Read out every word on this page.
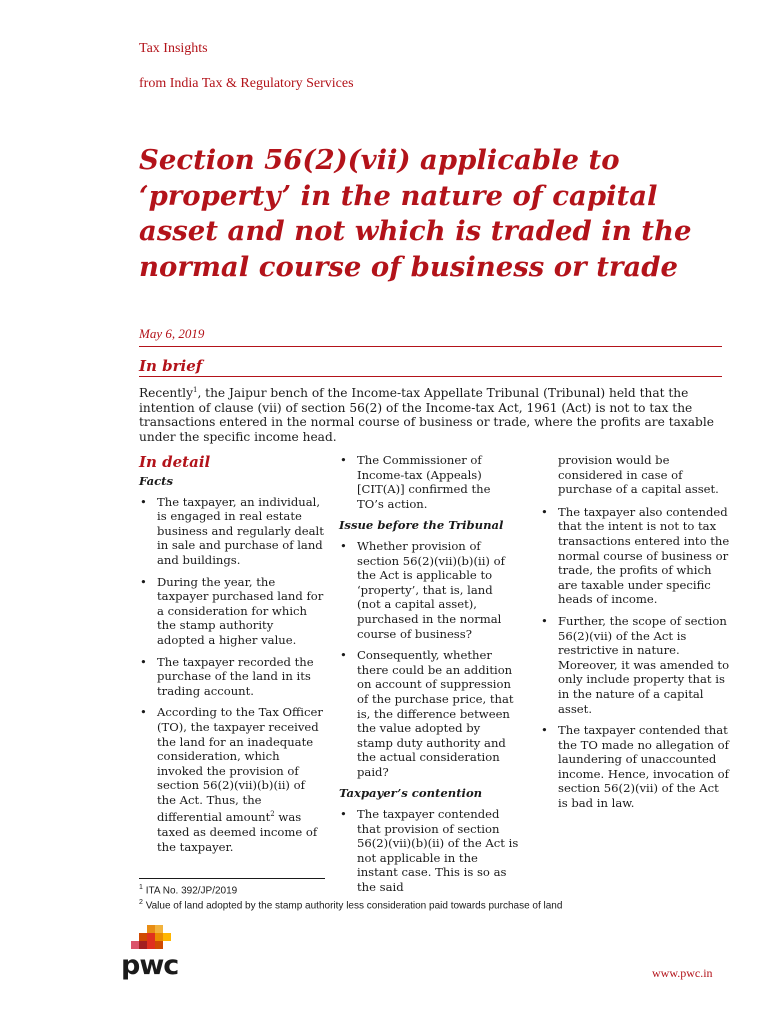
Tax Insights
from India Tax & Regulatory Services
Section 56(2)(vii) applicable to ‘property’ in the nature of capital asset and not which is traded in the normal course of business or trade
May 6, 2019
In brief

Recently$^1$, the Jaipur bench of the Income-tax Appellate Tribunal (Tribunal) held that the intention of clause (vii) of section 56(2) of the Income-tax Act, 1961 (Act) is not to tax the transactions entered in the normal course of business or trade, where the profits are taxable under the specific income head.

In detail
Facts
• The taxpayer, an individual, is engaged in real estate business and regularly dealt in sale and purchase of land and buildings.
• During the year, the taxpayer purchased land for a consideration for which the stamp authority adopted a higher value.
• The taxpayer recorded the purchase of the land in its trading account.
• According to the Tax Officer (TO), the taxpayer received the land for an inadequate consideration, which invoked the provision of section 56(2)(vii)(b)(ii) of the Act. Thus, the differential amount$^2$ was taxed as deemed income of the taxpayer.
• The Commissioner of Income-tax (Appeals) [CIT(A)] confirmed the TO’s action.
Issue before the Tribunal
• Whether provision of section 56(2)(vii)(b)(ii) of the Act is applicable to ‘property’, that is, land (not a capital asset), purchased in the normal course of business?
• Consequently, whether there could be an addition on account of suppression of the purchase price, that is, the difference between the value adopted by stamp duty authority and the actual consideration paid?
Taxpayer’s contention
• The taxpayer contended that provision of section 56(2)(vii)(b)(ii) of the Act is not applicable in the instant case. This is so as the said

provision would be considered in case of purchase of a capital asset.

• The taxpayer also contended that the intent is not to tax transactions entered into the normal course of business or trade, the profits of which are taxable under specific heads of income.
• Further, the scope of section 56(2)(vii) of the Act is restrictive in nature. Moreover, it was amended to only include property that is in the nature of a capital asset.
• The taxpayer contended that the TO made no allegation of laundering of unaccounted income. Hence, invocation of section 56(2)(vii) of the Act is bad in law.
$^1$ ITA No. 392/JP/2019
$^2$ Value of land adopted by the stamp authority less consideration paid towards purchase of land
pwc	www.pwc.in
